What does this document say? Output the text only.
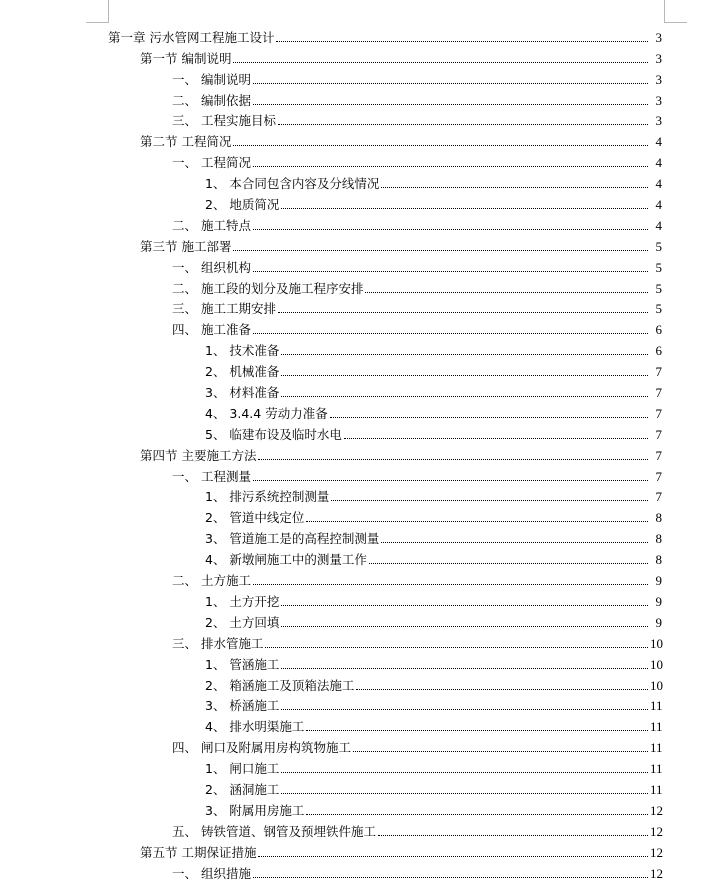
第一章 污水管网工程施工设计	3
第一节 编制说明	3
一、 编制说明	3
二、 编制依据	3
三、 工程实施目标	3
第二节 工程简况	4
一、 工程简况	4
1、 本合同包含内容及分线情况	4
2、 地质简况	4
二、 施工特点	4
第三节 施工部署	5
一、 组织机构	5
二、 施工段的划分及施工程序安排	5
三、 施工工期安排	5
四、 施工准备	6
1、 技术准备	6
2、 机械准备	7
3、 材料准备	7
4、 3.4.4 劳动力准备	7
5、 临建布设及临时水电	7
第四节 主要施工方法	7
一、 工程测量	7
1、 排污系统控制测量	7
2、 管道中线定位	8
3、 管道施工是的高程控制测量	8
4、 新墩闸施工中的测量工作	8
二、 土方施工	9
1、 土方开挖	9
2、 土方回填	9
三、 排水管施工	10
1、 管涵施工	10
2、 箱涵施工及顶箱法施工	10
3、 桥涵施工	11
4、 排水明渠施工	11
四、 闸口及附属用房构筑物施工	11
1、 闸口施工	11
2、 涵洞施工	11
3、 附属用房施工	12
五、 铸铁管道、钢管及预埋铁件施工	12
第五节 工期保证措施	12
一、 组织措施	12
